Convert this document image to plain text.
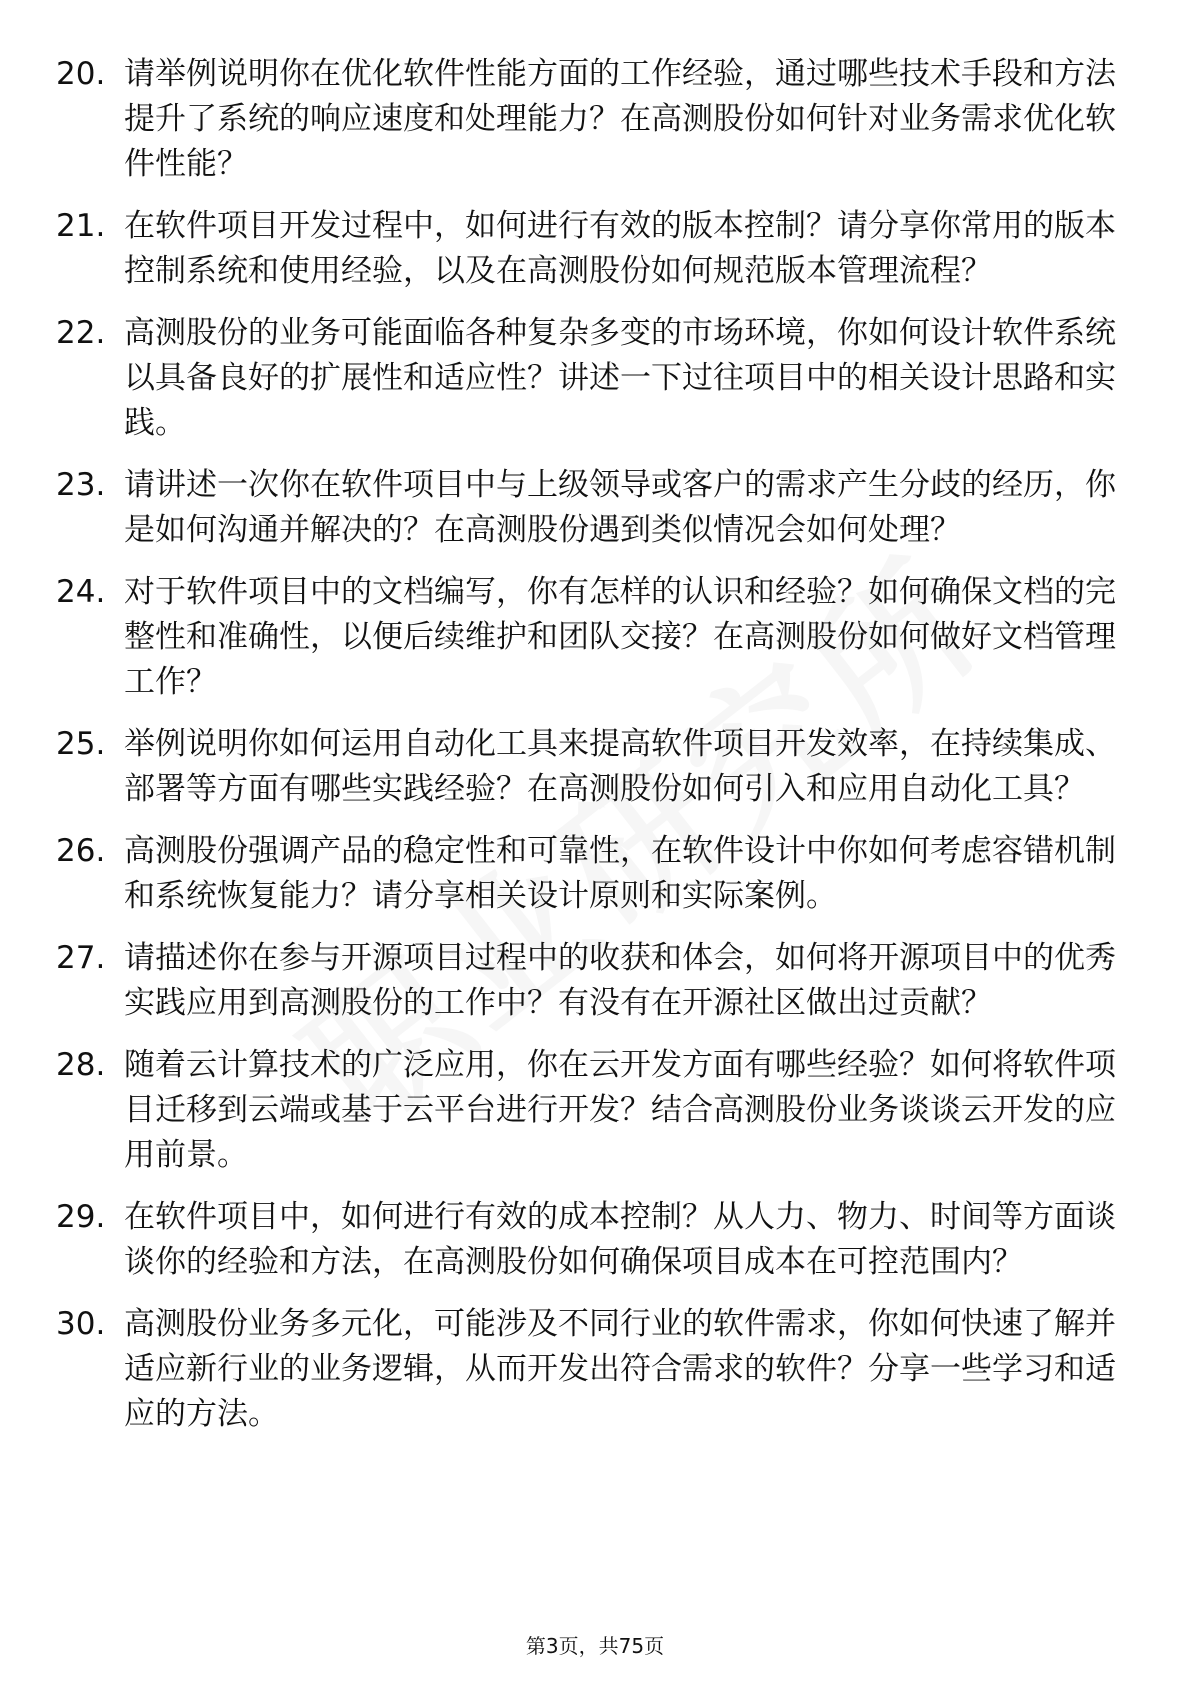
20. 请举例说明你在优化软件性能方面的工作经验，通过哪些技术手段和方法提升了系统的响应速度和处理能力？在高测股份如何针对业务需求优化软件性能？
21. 在软件项目开发过程中，如何进行有效的版本控制？请分享你常用的版本控制系统和使用经验，以及在高测股份如何规范版本管理流程？
22. 高测股份的业务可能面临各种复杂多变的市场环境，你如何设计软件系统以具备良好的扩展性和适应性？讲述一下过往项目中的相关设计思路和实践。
23. 请讲述一次你在软件项目中与上级领导或客户的需求产生分歧的经历，你是如何沟通并解决的？在高测股份遇到类似情况会如何处理？
24. 对于软件项目中的文档编写，你有怎样的认识和经验？如何确保文档的完整性和准确性，以便后续维护和团队交接？在高测股份如何做好文档管理工作？
25. 举例说明你如何运用自动化工具来提高软件项目开发效率，在持续集成、部署等方面有哪些实践经验？在高测股份如何引入和应用自动化工具？
26. 高测股份强调产品的稳定性和可靠性，在软件设计中你如何考虑容错机制和系统恢复能力？请分享相关设计原则和实际案例。
27. 请描述你在参与开源项目过程中的收获和体会，如何将开源项目中的优秀实践应用到高测股份的工作中？有没有在开源社区做出过贡献？
28. 随着云计算技术的广泛应用，你在云开发方面有哪些经验？如何将软件项目迁移到云端或基于云平台进行开发？结合高测股份业务谈谈云开发的应用前景。
29. 在软件项目中，如何进行有效的成本控制？从人力、物力、时间等方面谈谈你的经验和方法，在高测股份如何确保项目成本在可控范围内？
30. 高测股份业务多元化，可能涉及不同行业的软件需求，你如何快速了解并适应新行业的业务逻辑，从而开发出符合需求的软件？分享一些学习和适应的方法。
第3页，共75页
